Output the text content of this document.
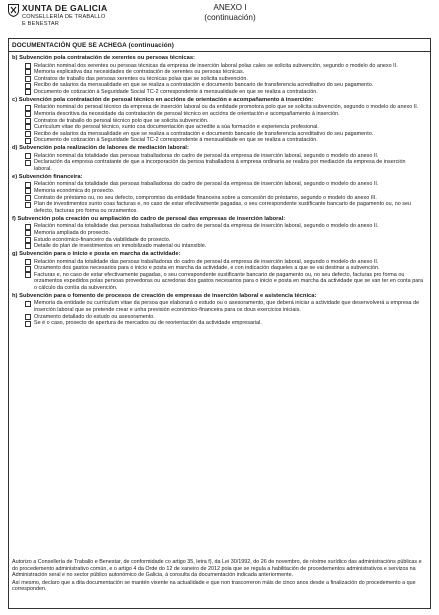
XUNTA DE GALICIA
CONSELLERÍA DE TRABALLO
E BENESTAR
ANEXO I
(continuación)
DOCUMENTACIÓN QUE SE ACHEGA (continuación)
b) Subvención pola contratación de xerentes ou persoas técnicas:
Relación nominal dos xerentes ou persoas técnicas da empresa de inserción laboral polas cales se solicita subvención, segundo o modelo do anexo II.
Memoria explicativa das necesidades de contratación de xerentes ou persoas técnicas.
Contratos de traballo das persoas xerentes ou técnicas polas que se solicita subvención.
Recibo de salarios da mensualidade en que se realiza a contratación e documento bancario de transferencia acreditativo do seu pagamento.
Documento de cotización á Seguridade Social TC-2 correspondente á mensualidade en que se realiza a contratación.
c) Subvención pola contratación de persoal técnico en accións de orientación e acompañamento á inserción:
Relación nominal do persoal técnico da empresa de inserción laboral ou da entidade promotora polo que se solicita subvención, segundo o modelo do anexo II.
Memoria descritiva da necesidade da contratación de persoal técnico en accións de orientación e acompañamento á inserción.
Contratos de traballo do persoal técnico polo que se solicita subvención.
Curriculum vitae do persoal técnico, xunto coa documentación que acredite a súa formación e experiencia profesional.
Recibo de salarios da mensualidade en que se realiza a contratación e documento bancario de transferencia acreditativo do seu pagamento.
Documento de cotización á Seguridade Social TC-2 correspondente á mensualidade en que se realiza a contratación.
d) Subvención pola realización de labores de mediación laboral:
Relación nominal da totalidade das persoas traballadoras do cadro de persoal da empresa de inserción laboral, segundo o modelo do anexo II.
Declaración da empresa contratante de que a incorporación da persoa traballadora á empresa ordinaria se realiza por mediación da empresa de inserción laboral.
e) Subvención financeira:
Relación nominal da totalidade das persoas traballadoras do cadro de persoal da empresa de inserción laboral, segundo o modelo do anexo II.
Memoria económica do proxecto.
Contrato de préstamo ou, no seu defecto, compromiso da entidade financeira sobre a concesión do préstamo, segundo o modelo do anexo III.
Plan de investimentos xunto coas facturas e, no caso de estar efectivamente pagadas, o seu correspondente xustificante bancario de pagamento ou, no seu defecto, facturas pro forma ou orzamentos.
f) Subvención pola creación ou ampliación do cadro de persoal das empresas de inserción laboral:
Relación nominal da totalidade das persoas traballadoras do cadro de persoal da empresa de inserción laboral, segundo o modelo do anexo II.
Memoria ampliada do proxecto.
Estudo económico-financeiro da viabilidade do proxecto.
Detalle do plan de investimentos en inmobilizado material ou intanxible.
g) Subvención para o inicio e posta en marcha da actividade:
Relación nominal da totalidade das persoas traballadoras do cadro de persoal da empresa de inserción laboral, segundo o modelo do anexo II.
Orzamento dos gastos necesarios para o inicio e posta en marcha da actividade, e con indicación daqueles a que se vai destinar a subvención.
Facturas e, no caso de estar efectivamente pagadas, o seu correspondente xustificante bancario de pagamento ou, no seu defecto, facturas pro forma ou orzamentos expedidos polas persoas provedoras ou acredoras dos gastos necesarios para o inicio e posta en marcha da actividade que se van ter en conta para o cálculo da contía da subvención.
h) Subvención para o fomento de procesos de creación de empresas de inserción laboral e asistencia técnica:
Memoria da entidade ou curriculum vitae da persoa que elaborará o estudo ou o asesoramento, que deberá iniciar a actividade que desenvolverá a empresa de inserción laboral que se pretende crear e unha previsión económico-financeira para os dous exercicios iniciais.
Orzamento detallado do estudo ou asesoramento.
Se é o caso, proxecto de apertura de mercados ou de reorientación da actividade empresarial.

Autorizo a Consellería de Traballo e Benestar, de conformidade co artigo 35, letra f), da Lei 30/1992, do 26 de novembro, de réxime xurídico das administracións públicas e do procedemento administrativo común, e o artigo 4 da Orde do 12 de xaneiro de 2012 pola que se regula a habilitación de procedementos administrativos e servizos na Administración xeral e no sector público autonómico de Galicia, á consulta da documentación indicada anteriormente.

Así mesmo, declaro que a dita documentación se mantén vixente na actualidade e que non trascorreron máis de cinco anos desde a finalización do procedemento a que corresponden.
